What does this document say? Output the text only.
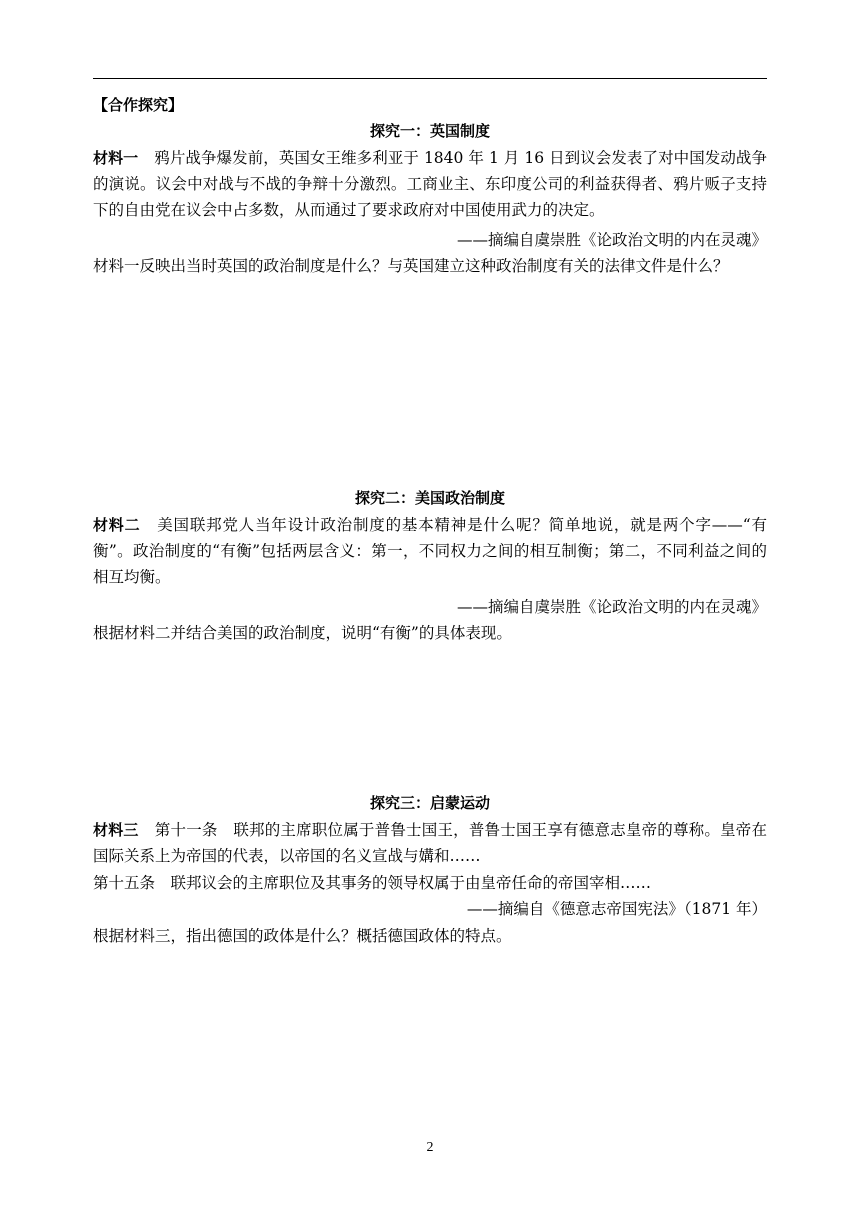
【合作探究】
探究一：英国制度
材料一 鸦片战争爆发前，英国女王维多利亚于 1840 年 1 月 16 日到议会发表了对中国发动战争的演说。议会中对战与不战的争辩十分激烈。工商业主、东印度公司的利益获得者、鸦片贩子支持下的自由党在议会中占多数，从而通过了要求政府对中国使用武力的决定。
——摘编自虞崇胜《论政治文明的内在灵魂》
材料一反映出当时英国的政治制度是什么？与英国建立这种政治制度有关的法律文件是什么？
探究二：美国政治制度
材料二 美国联邦党人当年设计政治制度的基本精神是什么呢？简单地说，就是两个字——“有衡”。政治制度的“有衡”包括两层含义：第一，不同权力之间的相互制衡；第二，不同利益之间的相互均衡。
——摘编自虞崇胜《论政治文明的内在灵魂》
根据材料二并结合美国的政治制度，说明“有衡”的具体表现。
探究三：启蒙运动
材料三 第十一条　联邦的主席职位属于普鲁士国王，普鲁士国王享有德意志皇帝的尊称。皇帝在国际关系上为帝国的代表，以帝国的名义宣战与媾和……
第十五条　联邦议会的主席职位及其事务的领导权属于由皇帝任命的帝国宰相……
——摘编自《德意志帝国宪法》（1871 年）
根据材料三，指出德国的政体是什么？概括德国政体的特点。
2
